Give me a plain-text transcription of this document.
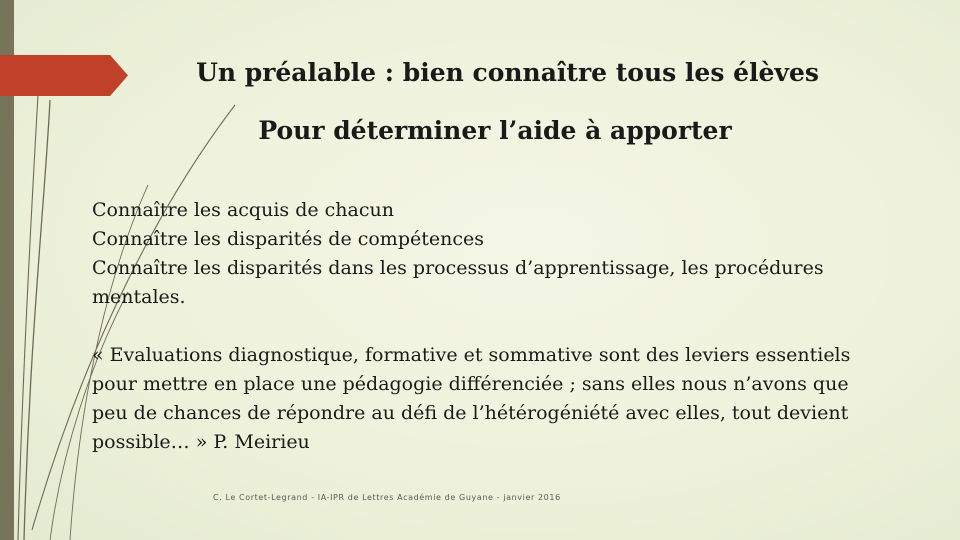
Un préalable : bien connaître tous les élèves
Pour déterminer l’aide à apporter
Connaître les acquis de chacun
Connaître les disparités de compétences
Connaître les disparités dans les processus d’apprentissage, les procédures
mentales.
« Evaluations diagnostique, formative et sommative sont des leviers essentiels
pour mettre en place une pédagogie différenciée ; sans elles nous n’avons que
peu de chances de répondre au défi de l’hétérogéniété avec elles, tout devient
possible… » P. Meirieu
C. Le Cortet-Legrand - IA-IPR de Lettres Académie de Guyane - janvier 2016
